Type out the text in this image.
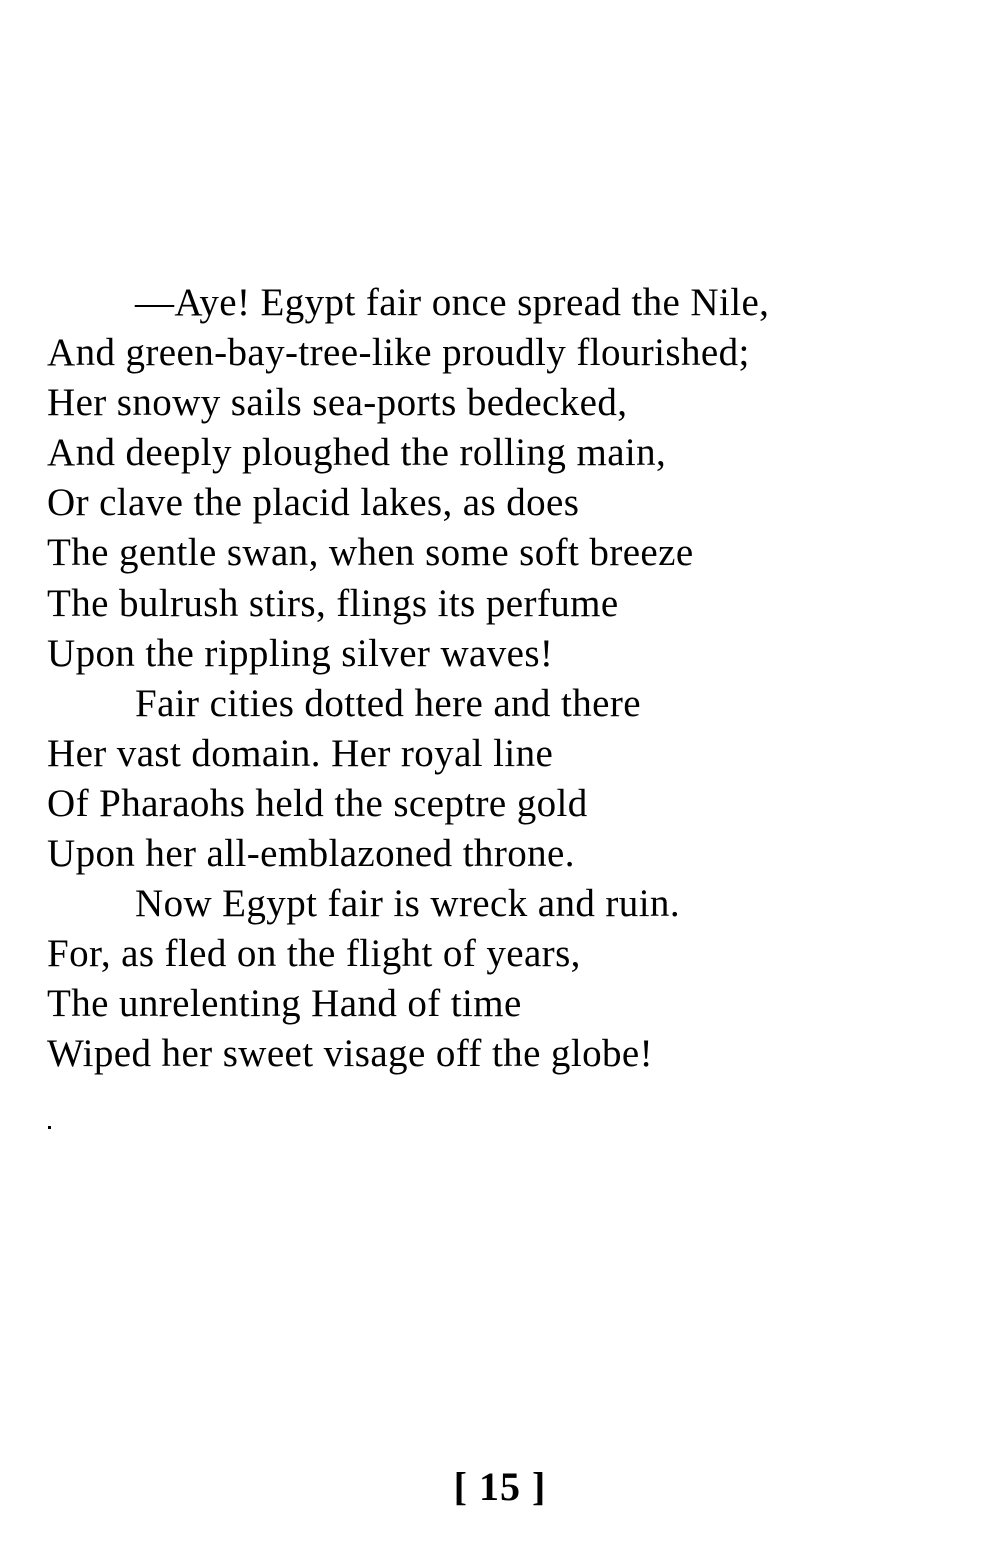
—Aye! Egypt fair once spread the Nile,
And green-bay-tree-like proudly flourished;
Her snowy sails sea-ports bedecked,
And deeply ploughed the rolling main,
Or clave the placid lakes, as does
The gentle swan, when some soft breeze
The bulrush stirs, flings its perfume
Upon the rippling silver waves!
Fair cities dotted here and there
Her vast domain. Her royal line
Of Pharaohs held the sceptre gold
Upon her all-emblazoned throne.
Now Egypt fair is wreck and ruin.
For, as fled on the flight of years,
The unrelenting Hand of time
Wiped her sweet visage off the globe!
[ 15 ]
